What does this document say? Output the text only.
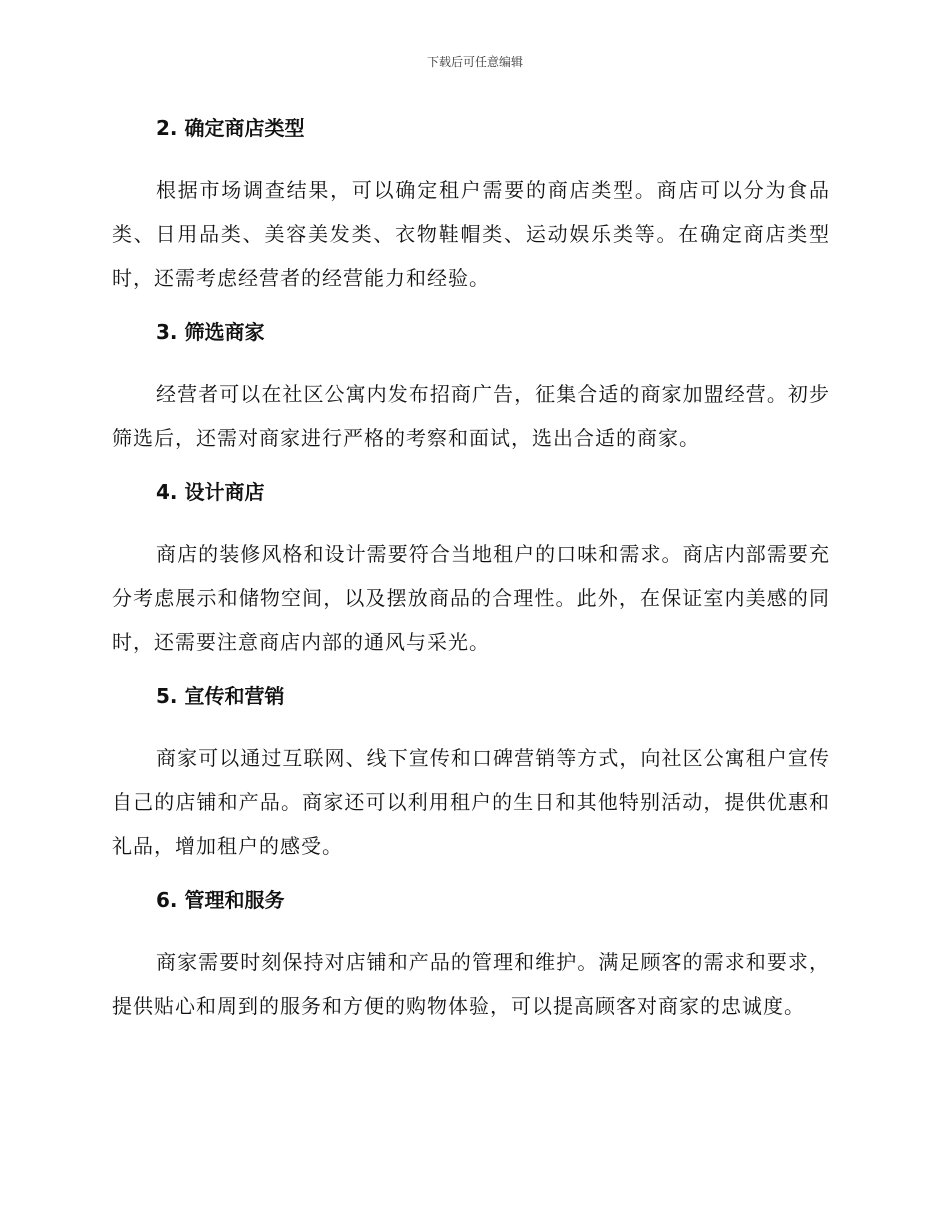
下载后可任意编辑
2. 确定商店类型

根据市场调查结果，可以确定租户需要的商店类型。商店可以分为食品类、日用品类、美容美发类、衣物鞋帽类、运动娱乐类等。在确定商店类型时，还需考虑经营者的经营能力和经验。

3. 筛选商家

经营者可以在社区公寓内发布招商广告，征集合适的商家加盟经营。初步筛选后，还需对商家进行严格的考察和面试，选出合适的商家。

4. 设计商店

商店的装修风格和设计需要符合当地租户的口味和需求。商店内部需要充分考虑展示和储物空间，以及摆放商品的合理性。此外，在保证室内美感的同时，还需要注意商店内部的通风与采光。

5. 宣传和营销

商家可以通过互联网、线下宣传和口碑营销等方式，向社区公寓租户宣传自己的店铺和产品。商家还可以利用租户的生日和其他特别活动，提供优惠和礼品，增加租户的感受。

6. 管理和服务

商家需要时刻保持对店铺和产品的管理和维护。满足顾客的需求和要求，提供贴心和周到的服务和方便的购物体验，可以提高顾客对商家的忠诚度。
